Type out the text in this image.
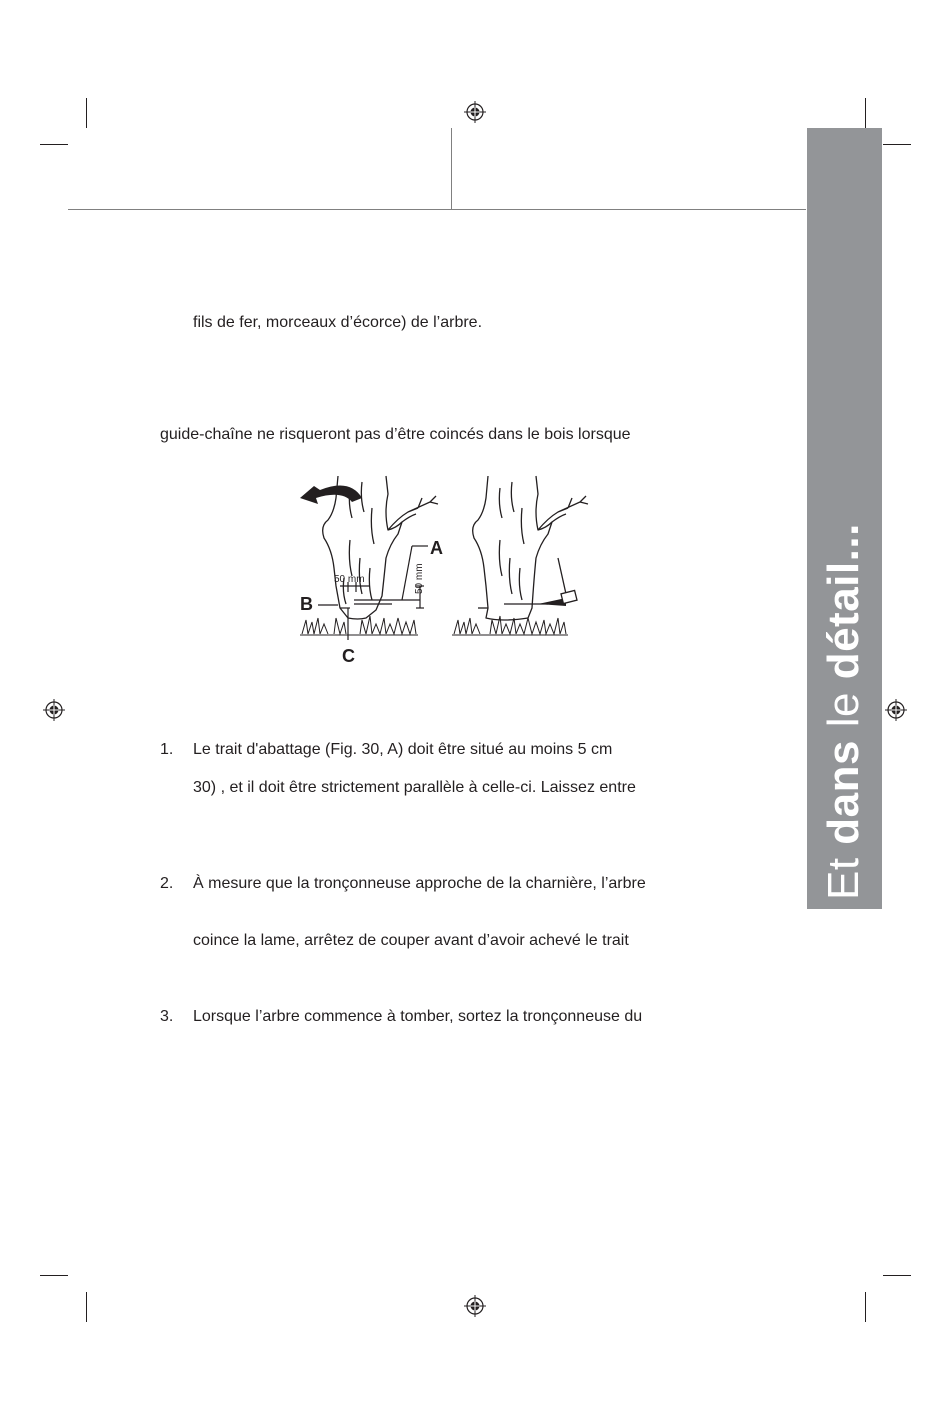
Et dans le détail...
fils de fer, morceaux d’écorce) de l’arbre.
guide-chaîne ne risqueront pas d’être coincés dans le bois lorsque
A
B
C
50 mm	50 mm
1. Le trait d'abattage (Fig. 30, A) doit être situé au moins 5 cm
30) , et il doit être strictement parallèle à celle-ci. Laissez entre
2. À mesure que la tronçonneuse approche de la charnière, l’arbre
coince la lame, arrêtez de couper avant d’avoir achevé le trait
3. Lorsque l’arbre commence à tomber, sortez la tronçonneuse du
